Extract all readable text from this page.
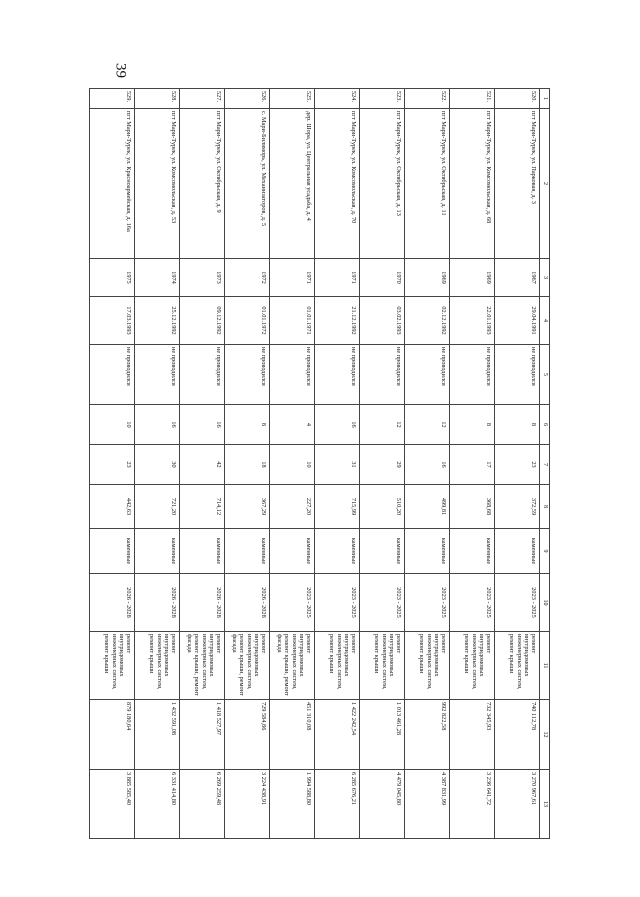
39
1	2	3	4	5	6	7	8	9	10	11	12	13
520.	пгт Мари-Турек, ул. Парковая, д. 3	1967	29.04.1991	не проводился	8	23	372,59	каменные	2023 - 2025	ремонт внутридомовых инженерных систем, ремонт крыши	740 112,78	3 270 967,61
521.	пгт Мари-Турек, ул. Комсомольская, д. 68	1969	22.01.1993	не проводился	8	17	368,68	каменные	2023 - 2025	ремонт внутридомовых инженерных систем, ремонт крыши	732 345,93	3 236 641,72
522.	пгт Мари-Турек, ул. Октябрьская, д. 11	1969	02.12.1992	не проводился	12	16	499,81	каменные	2023 - 2025	ремонт внутридомовых инженерных систем, ремонт крыши	992 822,58	4 387 831,99
523.	пгт Мари-Турек, ул. Октябрьская, д. 13	1970	03.02.1993	не проводился	12	29	510,20	каменные	2023 - 2025	ремонт внутридомовых инженерных систем, ремонт крыши	1 013 461,28	4 479 045,80
524.	пгт Мари-Турек, ул. Комсомольская, д. 70	1971	21.12.1992	не проводился	16	31	715,99	каменные	2023 - 2025	ремонт внутридомовых инженерных систем, ремонт крыши	1 422 242,54	6 285 676,21
525.	дер. Шора, ул. Центральная усадьба, д. 4	1971	01.01.1971	не проводился	4	10	227,20	каменные	2023 - 2025	ремонт внутридомовых инженерных систем, ремонт крыши, ремонт фасада	451 310,08	1 994 588,80
526.	с. Мари-Биляморь, ул. Механизаторов, д. 5	1972	01.01.1972	не проводился	8	18	367,29	каменные	2026 - 2028	ремонт внутридомовых инженерных систем, ремонт крыши, ремонт фасада	729 584,86	3 224 438,91
527.	пгт Мари-Турек, ул. Октябрьская, д. 9	1973	09.12.1992	не проводился	16	42	714,12	каменные	2026 - 2028	ремонт внутридомовых инженерных систем, ремонт крыши, ремонт фасада	1 418 527,97	6 269 259,48
528.	пгт Мари-Турек, ул. Комсомольская, д. 53	1974	25.12.1992	не проводился	16	30	721,20	каменные	2026 - 2028	ремонт внутридомовых инженерных систем, ремонт крыши	1 432 591,08	6 331 414,80
529.	пгт Мари-Турек, ул. Красноармейская, д. 16а	1975	17.03.1993	не проводился	10	23	442,63	каменные	2026 - 2028	ремонт внутридомовых инженерных систем, ремонт крыши	879 180,64	3 885 585,40
